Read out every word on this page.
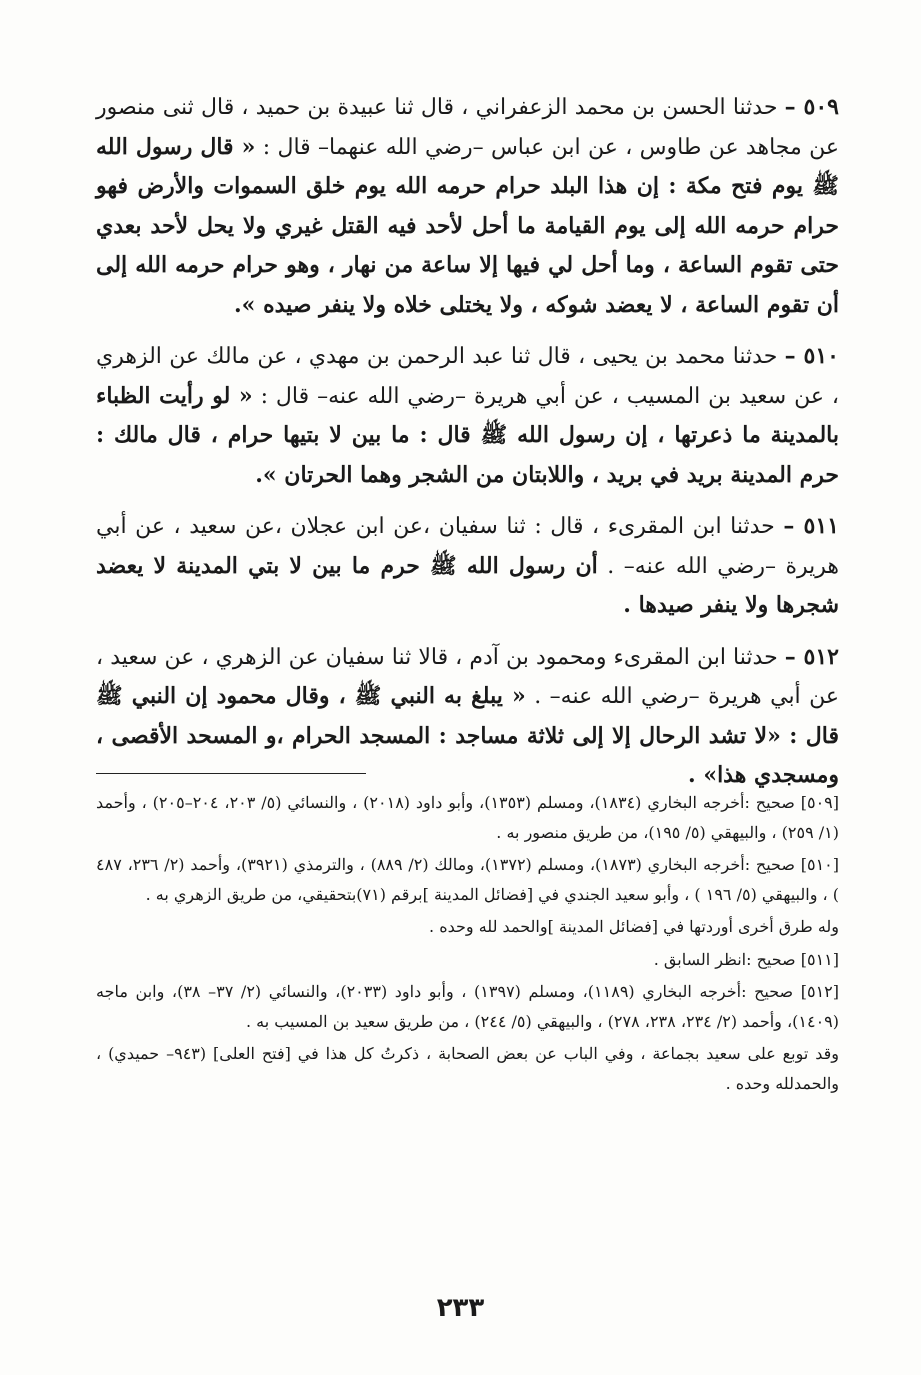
٥٠٩ – حدثنا الحسن بن محمد الزعفراني ، قال ثنا عبيدة بن حميد ، قال ثنى منصور عن مجاهد عن طاوس ، عن ابن عباس –رضي الله عنهما– قال : « قال رسول الله ﷺ يوم فتح مكة : إن هذا البلد حرام حرمه الله يوم خلق السموات والأرض فهو حرام حرمه الله إلى يوم القيامة ما أحل لأحد فيه القتل غيري ولا يحل لأحد بعدي حتى تقوم الساعة ، وما أحل لي فيها إلا ساعة من نهار ، وهو حرام حرمه الله إلى أن تقوم الساعة ، لا يعضد شوكه ، ولا يختلى خلاه ولا ينفر صيده ».

٥١٠ – حدثنا محمد بن يحيى ، قال ثنا عبد الرحمن بن مهدي ، عن مالك عن الزهري ، عن سعيد بن المسيب ، عن أبي هريرة –رضي الله عنه– قال : « لو رأيت الظباء بالمدينة ما ذعرتها ، إن رسول الله ﷺ قال : ما بين لا بتيها حرام ، قال مالك : حرم المدينة بريد في بريد ، واللابتان من الشجر وهما الحرتان ».

٥١١ – حدثنا ابن المقرىء ، قال : ثنا سفيان ،عن ابن عجلان ،عن سعيد ، عن أبي هريرة –رضي الله عنه– . أن رسول الله ﷺ حرم ما بين لا بتي المدينة لا يعضد شجرها ولا ينفر صيدها .

٥١٢ – حدثنا ابن المقرىء ومحمود بن آدم ، قالا ثنا سفيان عن الزهري ، عن سعيد ، عن أبي هريرة –رضي الله عنه– . « يبلغ به النبي ﷺ ، وقال محمود إن النبي ﷺ قال : «لا تشد الرحال إلا إلى ثلاثة مساجد : المسجد الحرام ،و المسحد الأقصى ، ومسجدي هذا» .

[٥٠٩] صحيح :أخرجه البخاري (١٨٣٤)، ومسلم (١٣٥٣)، وأبو داود (٢٠١٨) ، والنسائي (٥/ ٢٠٣، ٢٠٤–٢٠٥) ، وأحمد (١/ ٢٥٩) ، والبيهقي (٥/ ١٩٥)، من طريق منصور به .

[٥١٠] صحيح :أخرجه البخاري (١٨٧٣)، ومسلم (١٣٧٢)، ومالك (٢/ ٨٨٩) ، والترمذي (٣٩٢١)، وأحمد (٢/ ٢٣٦، ٤٨٧ ) ، والبيهقي (٥/ ١٩٦ ) ، وأبو سعيد الجندي في [فضائل المدينة ]برقم (٧١)بتحقيقي، من طريق الزهري به .

وله طرق أخرى أوردتها في [فضائل المدينة ]والحمد لله وحده .

[٥١١] صحيح :انظر السابق .

[٥١٢] صحيح :أخرجه البخاري (١١٨٩)، ومسلم (١٣٩٧) ، وأبو داود (٢٠٣٣)، والنسائي (٢/ ٣٧– ٣٨)، وابن ماجه (١٤٠٩)، وأحمد (٢/ ٢٣٤، ٢٣٨، ٢٧٨) ، والبيهقي (٥/ ٢٤٤) ، من طريق سعيد بن المسيب به .

وقد توبع على سعيد بجماعة ، وفي الباب عن بعض الصحابة ، ذكرتُ كل هذا في [فتح العلى] (٩٤٣– حميدي) ، والحمدلله وحده .

٢٣٣
